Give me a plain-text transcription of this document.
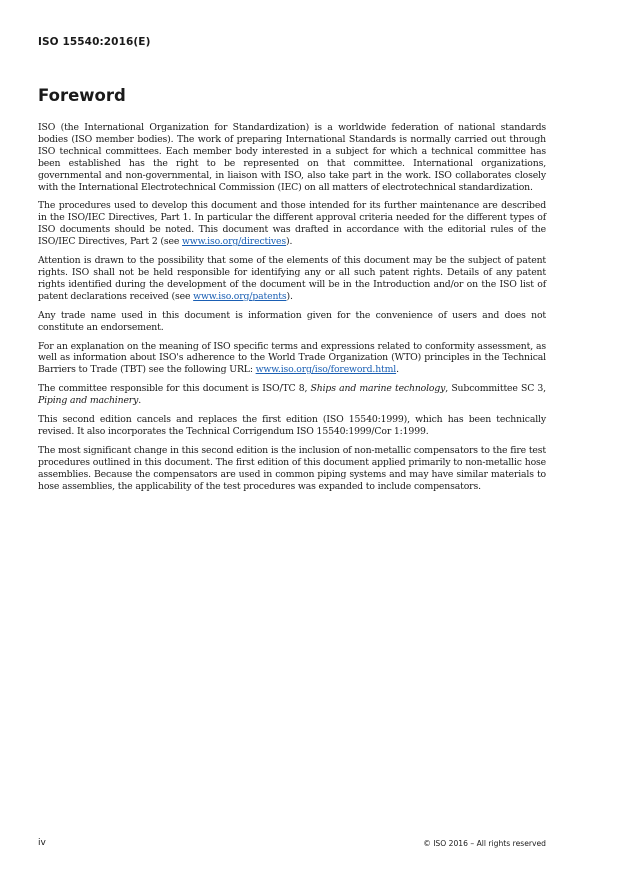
ISO 15540:2016(E)
Foreword

ISO (the International Organization for Standardization) is a worldwide federation of national standards bodies (ISO member bodies). The work of preparing International Standards is normally carried out through ISO technical committees. Each member body interested in a subject for which a technical committee has been established has the right to be represented on that committee. International organizations, governmental and non-governmental, in liaison with ISO, also take part in the work. ISO collaborates closely with the International Electrotechnical Commission (IEC) on all matters of electrotechnical standardization.

The procedures used to develop this document and those intended for its further maintenance are described in the ISO/IEC Directives, Part 1. In particular the different approval criteria needed for the different types of ISO documents should be noted. This document was drafted in accordance with the editorial rules of the ISO/IEC Directives, Part 2 (see www.iso.org/directives).

Attention is drawn to the possibility that some of the elements of this document may be the subject of patent rights. ISO shall not be held responsible for identifying any or all such patent rights. Details of any patent rights identified during the development of the document will be in the Introduction and/or on the ISO list of patent declarations received (see www.iso.org/patents).

Any trade name used in this document is information given for the convenience of users and does not constitute an endorsement.

For an explanation on the meaning of ISO specific terms and expressions related to conformity assessment, as well as information about ISO's adherence to the World Trade Organization (WTO) principles in the Technical Barriers to Trade (TBT) see the following URL: www.iso.org/iso/foreword.html.

The committee responsible for this document is ISO/TC 8, Ships and marine technology, Subcommittee SC 3, Piping and machinery.

This second edition cancels and replaces the first edition (ISO 15540:1999), which has been technically revised. It also incorporates the Technical Corrigendum ISO 15540:1999/Cor 1:1999.

The most significant change in this second edition is the inclusion of non-metallic compensators to the fire test procedures outlined in this document. The first edition of this document applied primarily to non-metallic hose assemblies. Because the compensators are used in common piping systems and may have similar materials to hose assemblies, the applicability of the test procedures was expanded to include compensators.

iv	© ISO 2016 – All rights reserved
